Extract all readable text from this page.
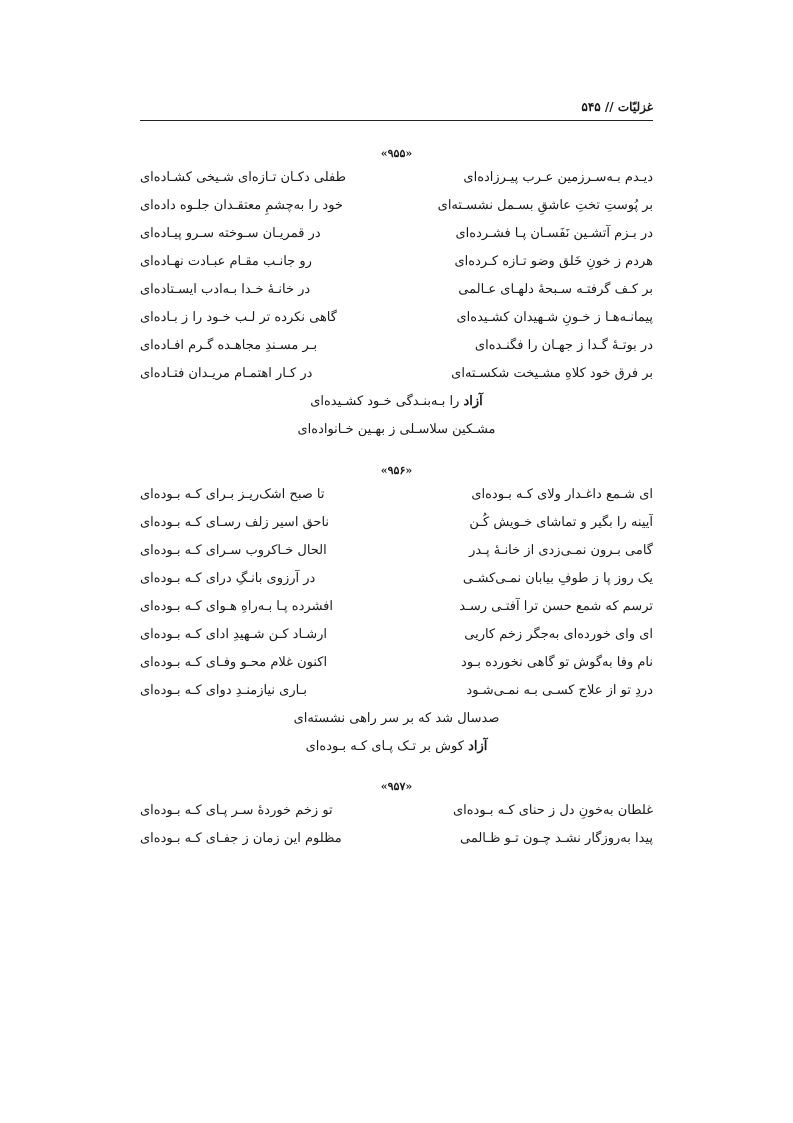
غزلیّات // ۵۴۵
«۹۵۵»
دیـدم بـه‌سـرزمین عـرب پیـرزاده‌ای
طفلی دکـان تـازه‌ای شـیخی کشـاده‌ای
بر پُوستِ تختِ عاشقِ بسـمل نشسـته‌ای
خود را به‌چشمِ معتقـدان جلـوه داده‌ای
در بـزم آتشـین نَفَسـان پـا فشـرده‌ای
در قمریـان سـوخته سـرو پیـاده‌ای
هردم ز خونِ خَلق وضو تـازه کـرده‌ای
رو جانـب مقـام عبـادت نهـاده‌ای
بر کـف گرفتـه سـبحهٔ دلهـای عـالمی
در خانـهٔ خـدا بـه‌ادب ایسـتاده‌ای
پیمانـه‌هـا ز خـونِ شـهیدان کشـیده‌ای
گاهی نکرده تر لـب خـود را ز بـاده‌ای
در بوتـهٔ گـدا ز جهـان را فگنـده‌ای
بـر مسـندِ مجاهـده گـرم افـاده‌ای
بر فرق خود کلاهِ مشـیخت شکسـته‌ای
در کـار اهتمـام مریـدان فتـاده‌ای
آزاد را بـه‌بنـدگی خـود کشـیده‌ای
مشـکین سلاسـلی ز بهـین خـانواده‌ای
«۹۵۶»
ای شـمع داغـدار ولای کـه بـوده‌ای
تا صبح اشک‌ریـز بـرای کـه بـوده‌ای
آیینه را بگیر و تماشای خـویش کُـن
ناحق اسیر زلف رسـای کـه بـوده‌ای
گامی بـرون نمـی‌زدی از خانـهٔ پـدر
الحال خـاکروب سـرای کـه بـوده‌ای
یک روز پا ز طوفِ بیابان نمـی‌کشـی
در آرزوی بانـگِ درای کـه بـوده‌ای
ترسم که شمع حسن ترا آفتـی رسـد
افشرده پـا بـه‌راهِ هـوای کـه بـوده‌ای
ای وای خورده‌ای به‌جگر زخم کاریی
ارشـاد کـن شـهیدِ ادای کـه بـوده‌ای
نام وفا به‌گوش تو گاهی نخورده بـود
اکنون غلام محـو وفـای کـه بـوده‌ای
دردِ تو از علاج کسـی بـه نمـی‌شـود
بـاری نیازمنـدِ دوای کـه بـوده‌ای
صدسال شد که بر سر راهی نشسته‌ای
آزاد کوش بر تـک پـای کـه بـوده‌ای
«۹۵۷»
غلطان به‌خونِ دل ز حنای کـه بـوده‌ای
تو زخم خوردهٔ سـر پـای کـه بـوده‌ای
پیدا به‌روزگار نشـد چـون تـو ظـالمی
مظلوم این زمان ز جفـای کـه بـوده‌ای
